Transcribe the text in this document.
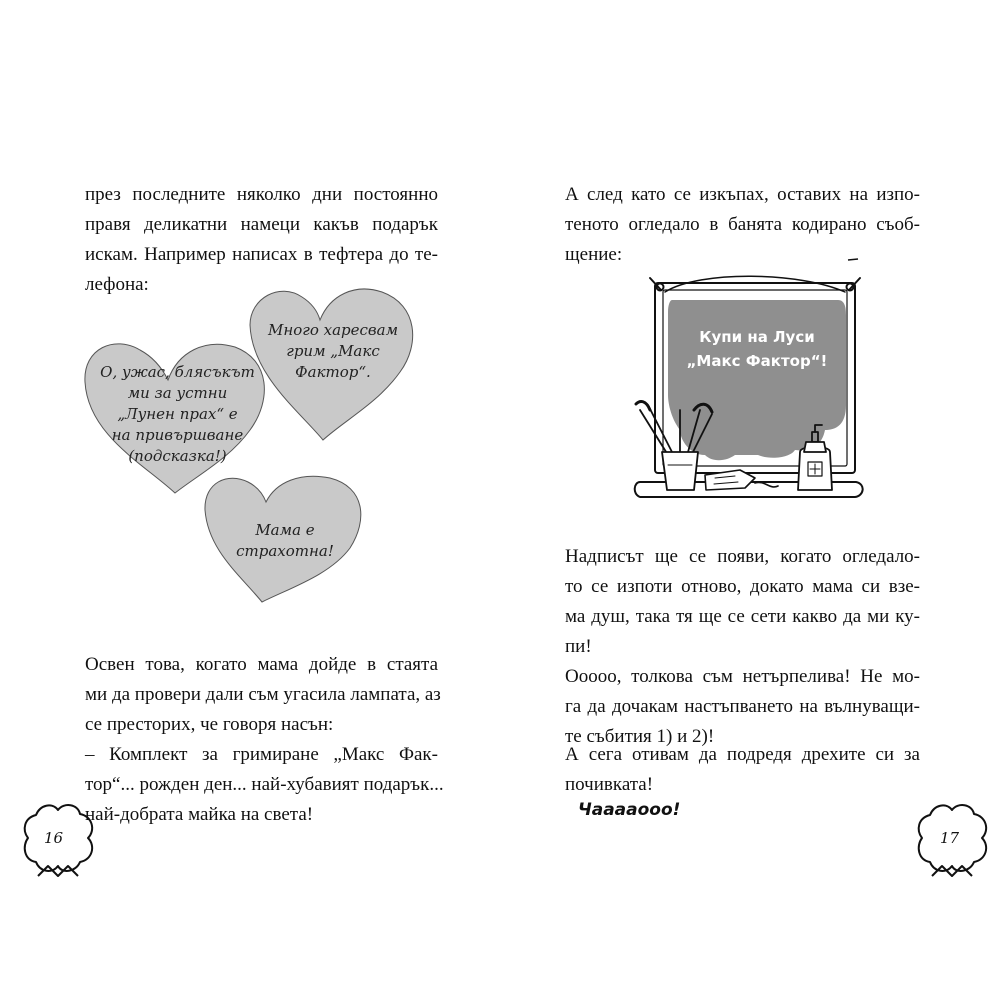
през последните няколко дни постоянно
правя деликатни намеци какъв подарък
искам. Например написах в тефтера до те-
лефона:
О, ужас, блясъкът
ми за устни
„Лунен прах“ е
на привършване
(подсказка!)
Много харесвам
грим „Макс
Фактор“.
Мама е
страхотна!
Освен това, когато мама дойде в стаята
ми да провери дали съм угасила лампата, аз
се престорих, че говоря насън:
– Комплект за гримиране „Макс Фак-
тор“... рожден ден... най-хубавият подарък...
най-добрата майка на света!
16
А след като се изкъпах, оставих на изпо-
теното огледало в банята кодирано съоб-
щение:
Купи на Луси
„Макс Фактор“!
Надписът ще се появи, когато огледало-
то се изпоти отново, докато мама си взе-
ма душ, така тя ще се сети какво да ми ку-
пи!
Ооооо, толкова съм нетърпелива! Не мо-
га да дочакам настъпването на вълнуващи-
те събития 1) и 2)!
А сега отивам да подредя дрехите си за
почивката!
Чааааооо!
17
